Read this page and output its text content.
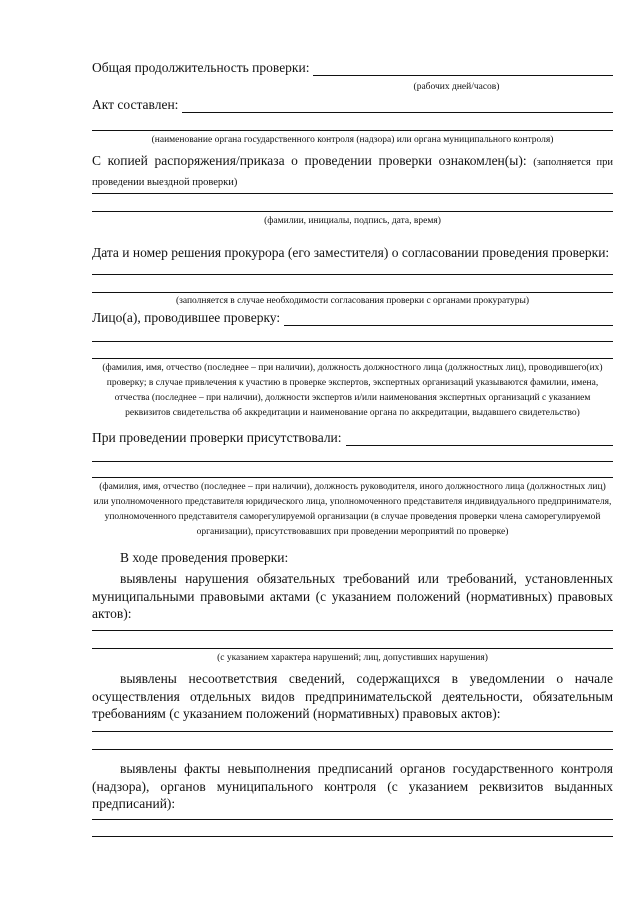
Общая продолжительность проверки:
(рабочих дней/часов)
Акт составлен:
(наименование органа государственного контроля (надзора) или органа муниципального контроля)
С копией распоряжения/приказа о проведении проверки ознакомлен(ы): (заполняется при проведении выездной проверки)
(фамилии, инициалы, подпись, дата, время)
Дата и номер решения прокурора (его заместителя) о согласовании проведения проверки:
(заполняется в случае необходимости согласования проверки с органами прокуратуры)
Лицо(а), проводившее проверку:
(фамилия, имя, отчество (последнее – при наличии), должность должностного лица (должностных лиц), проводившего(их) проверку; в случае привлечения к участию в проверке экспертов, экспертных организаций указываются фамилии, имена, отчества (последнее – при наличии), должности экспертов и/или наименования экспертных организаций с указанием реквизитов свидетельства об аккредитации и наименование органа по аккредитации, выдавшего свидетельство)
При проведении проверки присутствовали:
(фамилия, имя, отчество (последнее – при наличии), должность руководителя, иного должностного лица (должностных лиц) или уполномоченного представителя юридического лица, уполномоченного представителя индивидуального предпринимателя, уполномоченного представителя саморегулируемой организации (в случае проведения проверки члена саморегулируемой организации), присутствовавших при проведении мероприятий по проверке)
В ходе проведения проверки:
выявлены нарушения обязательных требований или требований, установленных муниципальными правовыми актами (с указанием положений (нормативных) правовых актов):
(с указанием характера нарушений; лиц, допустивших нарушения)
выявлены несоответствия сведений, содержащихся в уведомлении о начале осуществления отдельных видов предпринимательской деятельности, обязательным требованиям (с указанием положений (нормативных) правовых актов):
выявлены факты невыполнения предписаний органов государственного контроля (надзора), органов муниципального контроля (с указанием реквизитов выданных предписаний):
